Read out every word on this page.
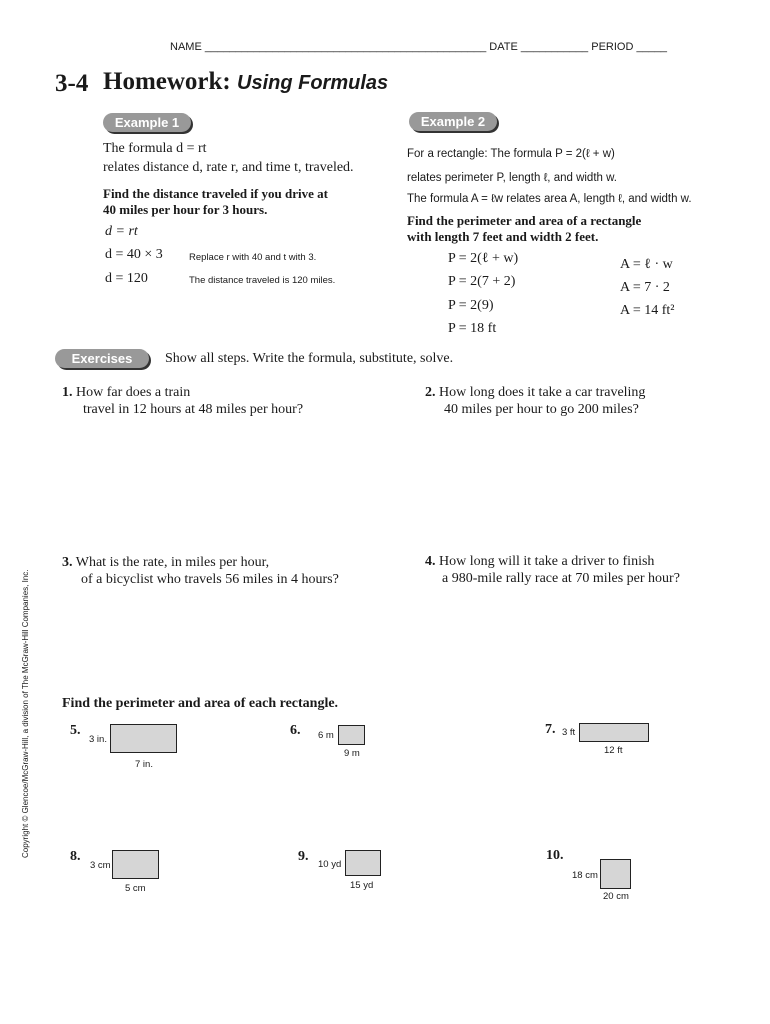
NAME ______________________________________________ DATE ___________ PERIOD _____
3-4 Homework: Using Formulas
Example 1
The formula d = rt
relates distance d, rate r, and time t, traveled.
Find the distance traveled if you drive at
40 miles per hour for 3 hours.
d = rt
d = 40 × 3	Replace r with 40 and t with 3.
d = 120	The distance traveled is 120 miles.
Example 2
For a rectangle: The formula P = 2(ℓ + w)
relates perimeter P, length ℓ, and width w.
The formula A = ℓw relates area A, length ℓ, and width w.
Find the perimeter and area of a rectangle
with length 7 feet and width 2 feet.
P = 2(ℓ + w)
P = 2(7 + 2)
P = 2(9)
P = 18 ft
A = ℓ · w
A = 7 · 2
A = 14 ft²
Exercises	Show all steps. Write the formula, substitute, solve.
1. How far does a train
travel in 12 hours at 48 miles per hour?
2. How long does it take a car traveling
40 miles per hour to go 200 miles?
3. What is the rate, in miles per hour,
of a bicyclist who travels 56 miles in 4 hours?
4. How long will it take a driver to finish
a 980-mile rally race at 70 miles per hour?
Find the perimeter and area of each rectangle.
5.
3 in.
7 in.
6. 6 m
9 m
7. 3 ft
12 ft
8.
3 cm
5 cm
9.
10 yd
15 yd
10.
18 cm
20 cm
Copyright © Glencoe/McGraw-Hill, a division of The McGraw-Hill Companies, Inc.
